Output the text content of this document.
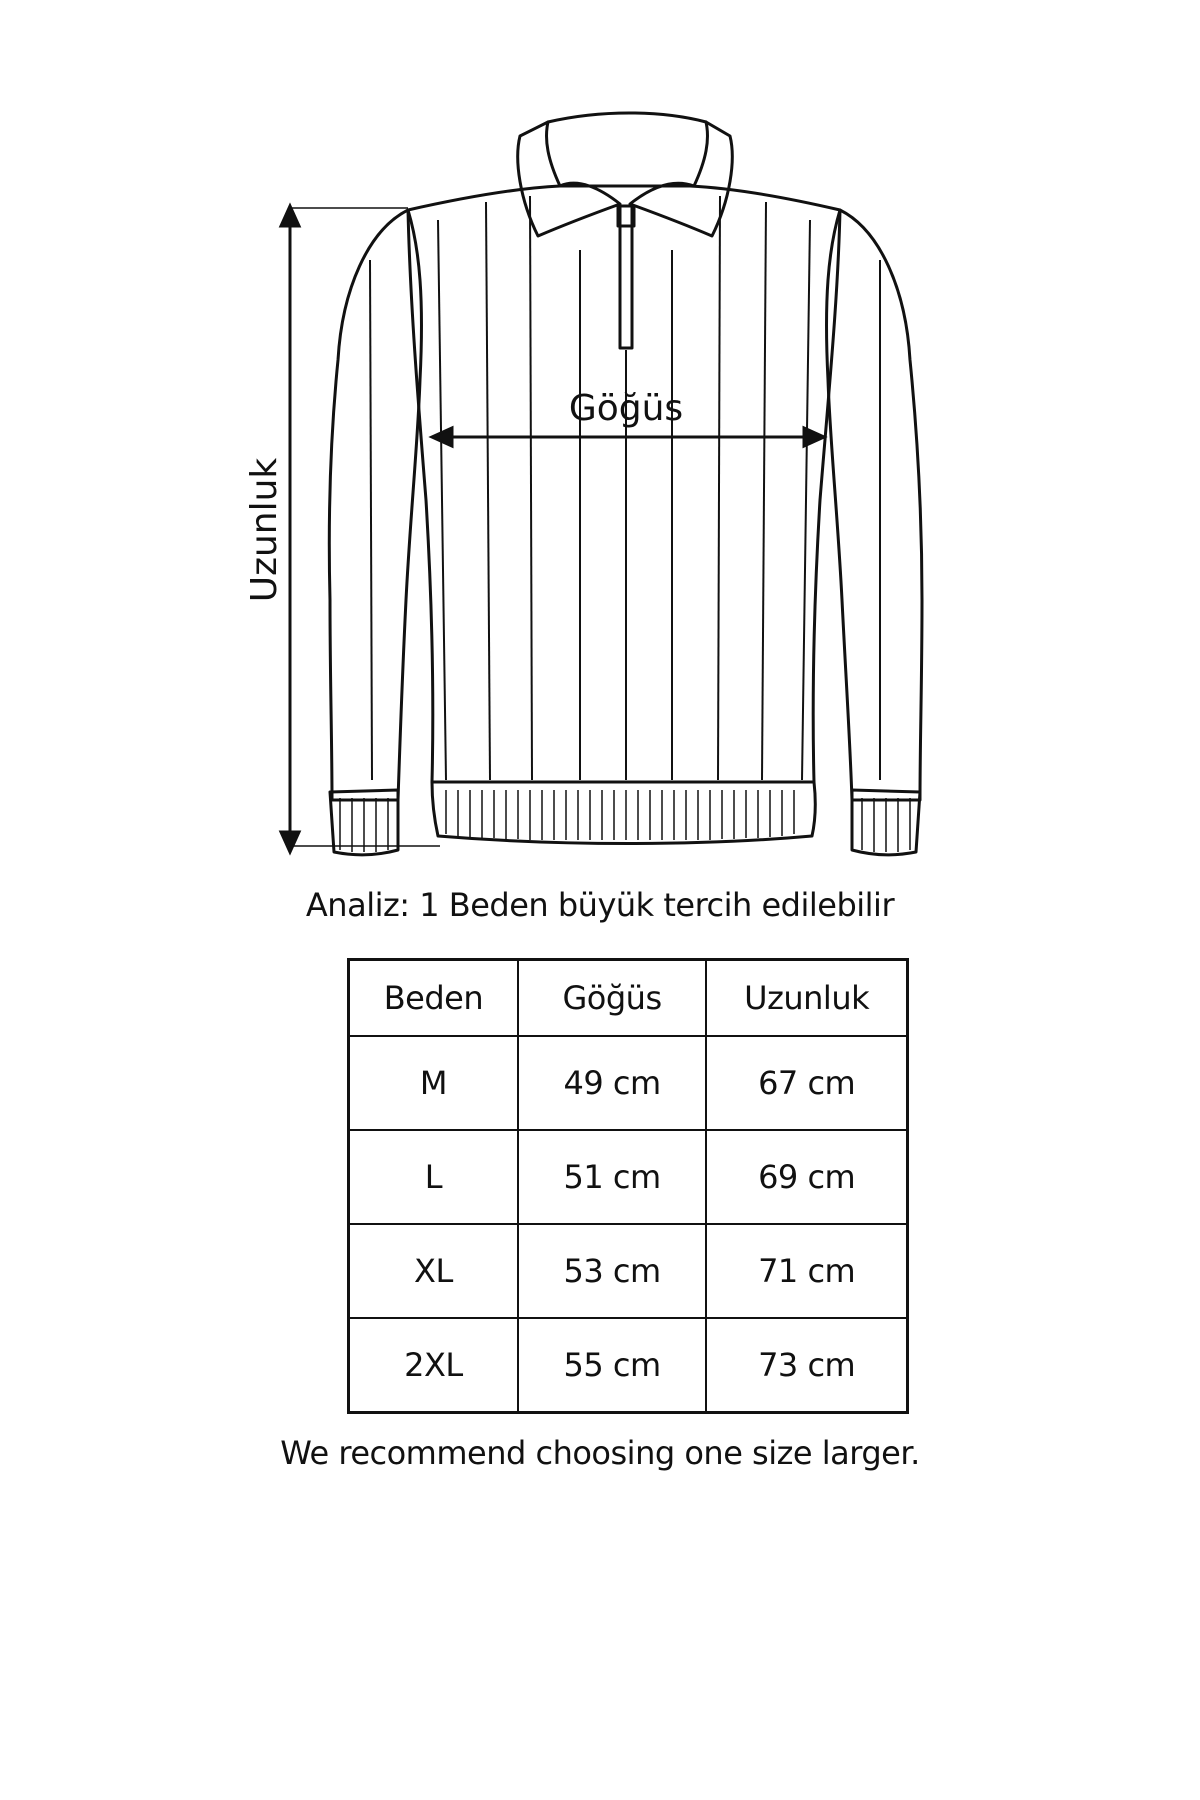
Göğüs
Uzunluk
Analiz: 1 Beden büyük tercih edilebilir
Beden	Göğüs	Uzunluk
M	49 cm	67 cm
L	51 cm	69 cm
XL	53 cm	71 cm
2XL	55 cm	73 cm
We recommend choosing one size larger.
